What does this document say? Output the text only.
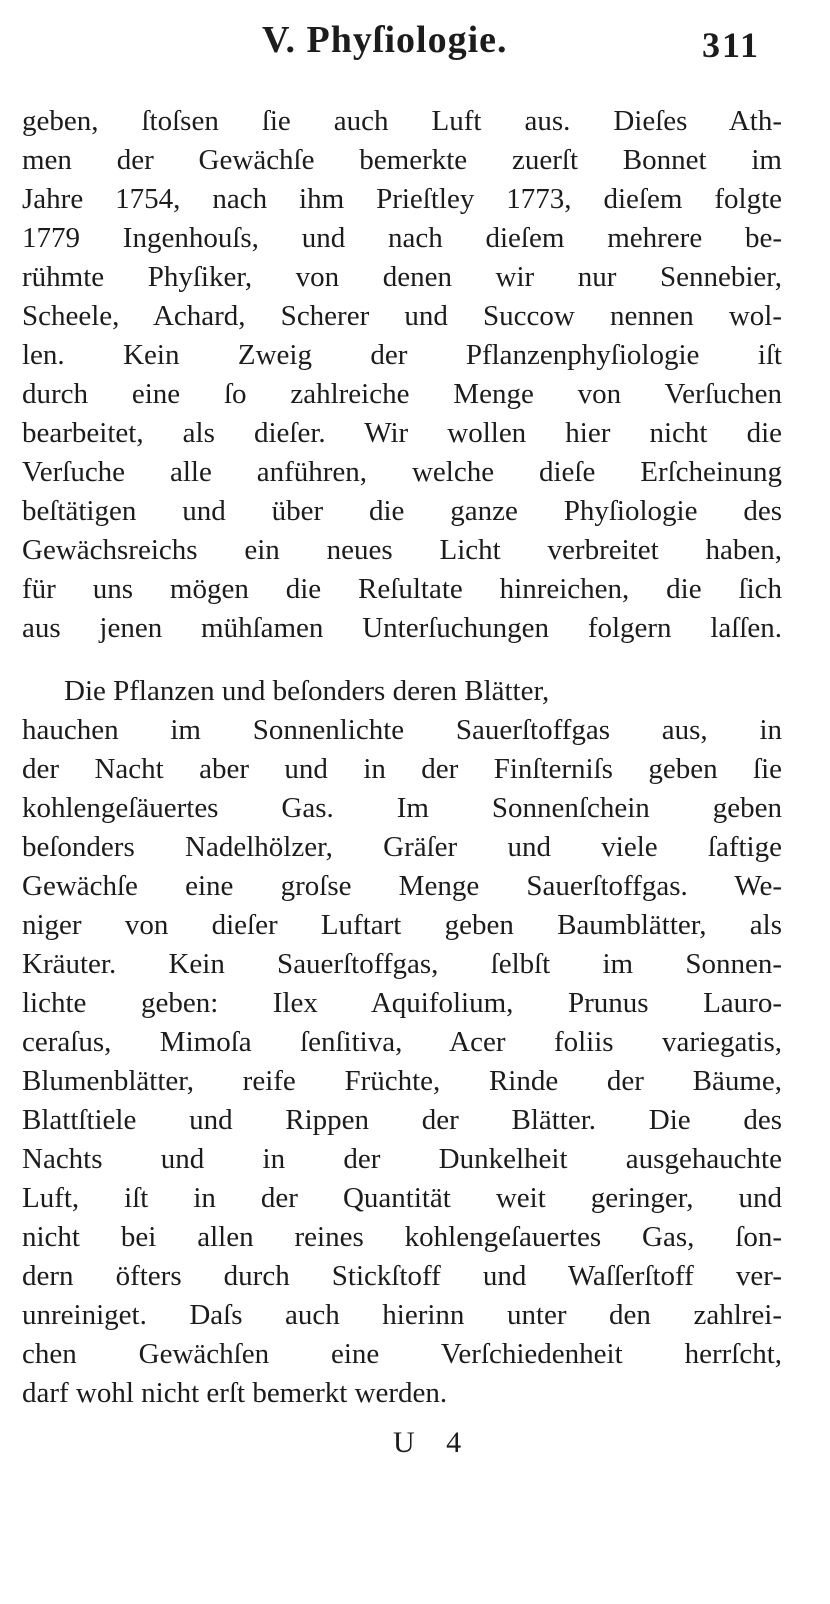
V. Phyſiologie.	311
geben, ſtoſsen ſie auch Luft aus. Dieſes Ath-
men der Gewächſe bemerkte zuerſt Bonnet im
Jahre 1754, nach ihm Prieſtley 1773, dieſem folgte
1779 Ingenhouſs, und nach dieſem mehrere be-
rühmte Phyſiker, von denen wir nur Sennebier,
Scheele, Achard, Scherer und Succow nennen wol-
len. Kein Zweig der Pflanzenphyſiologie iſt
durch eine ſo zahlreiche Menge von Verſuchen
bearbeitet, als dieſer. Wir wollen hier nicht die
Verſuche alle anführen, welche dieſe Erſcheinung
beſtätigen und über die ganze Phyſiologie des
Gewächsreichs ein neues Licht verbreitet haben,
für uns mögen die Reſultate hinreichen, die ſich
aus jenen mühſamen Unterſuchungen folgern laſſen.
Die Pflanzen und beſonders deren Blätter,
hauchen im Sonnenlichte Sauerſtoffgas aus, in
der Nacht aber und in der Finſterniſs geben ſie
kohlengeſäuertes Gas. Im Sonnenſchein geben
beſonders Nadelhölzer, Gräſer und viele ſaftige
Gewächſe eine groſse Menge Sauerſtoffgas. We-
niger von dieſer Luftart geben Baumblätter, als
Kräuter. Kein Sauerſtoffgas, ſelbſt im Sonnen-
lichte geben: Ilex Aquifolium, Prunus Lauro-
ceraſus, Mimoſa ſenſitiva, Acer foliis variegatis,
Blumenblätter, reife Früchte, Rinde der Bäume,
Blattſtiele und Rippen der Blätter. Die des
Nachts und in der Dunkelheit ausgehauchte
Luft, iſt in der Quantität weit geringer, und
nicht bei allen reines kohlengeſauertes Gas, ſon-
dern öfters durch Stickſtoff und Waſſerſtoff ver-
unreiniget. Daſs auch hierinn unter den zahlrei-
chen Gewächſen eine Verſchiedenheit herrſcht,
darf wohl nicht erſt bemerkt werden.
U 4
